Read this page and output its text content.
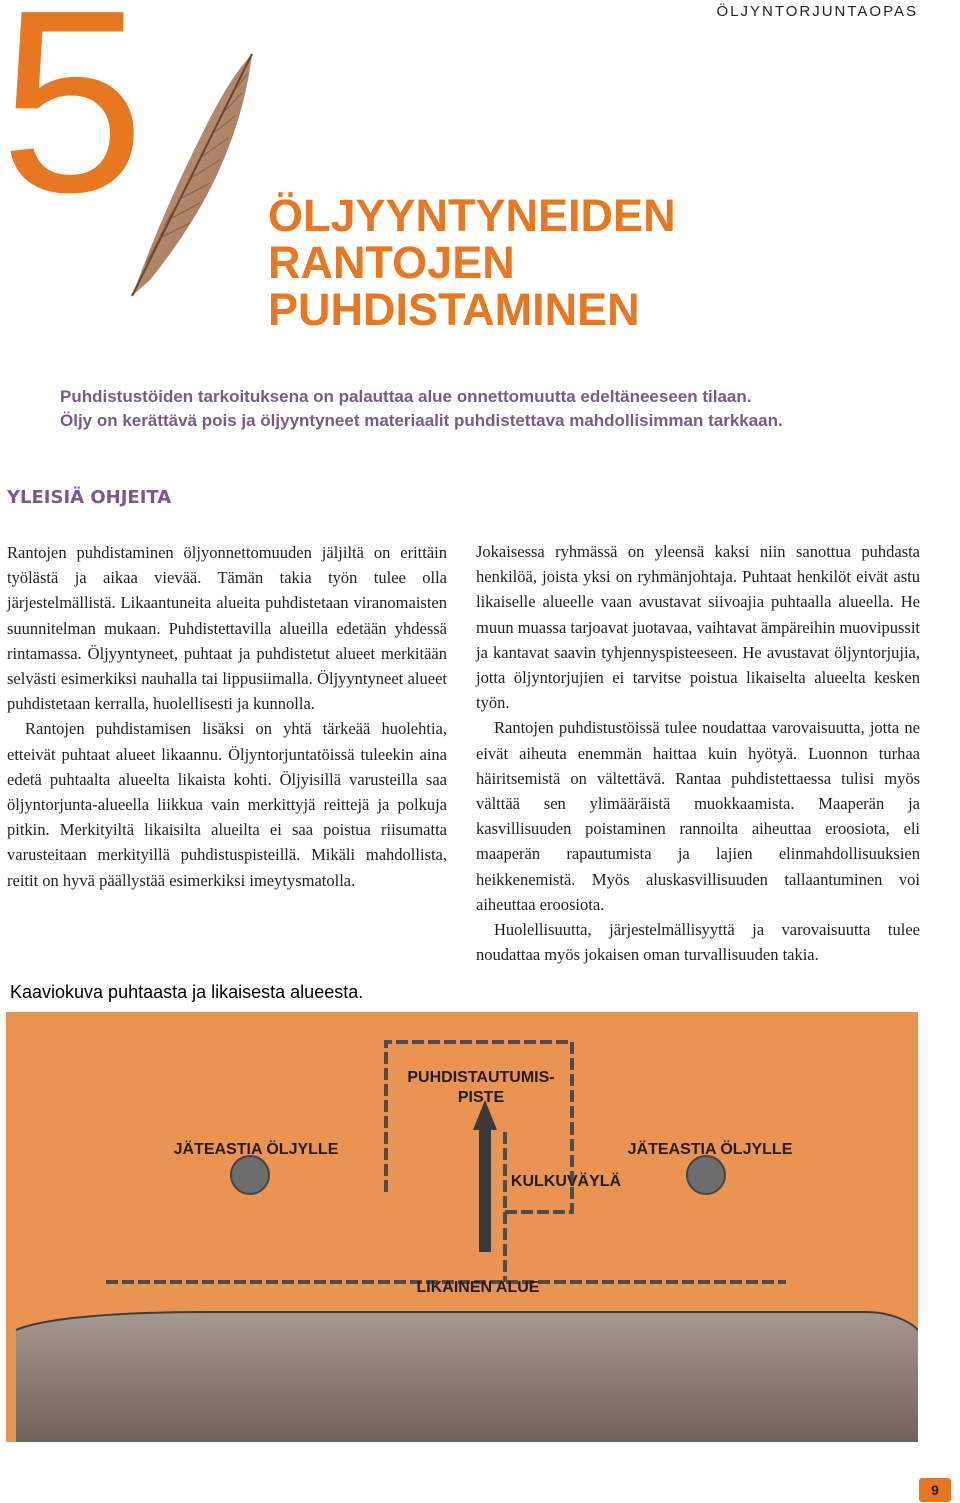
ÖLJYNTORJUNTAOPAS
5	ÖLJYYNTYNEIDEN
RANTOJEN
PUHDISTAMINEN
Puhdistustöiden tarkoituksena on palauttaa alue onnettomuutta edeltäneeseen tilaan.
Öljy on kerättävä pois ja öljyyntyneet materiaalit puhdistettava mahdollisimman tarkkaan.
YLEISIÄ OHJEITA

Rantojen puhdistaminen öljyonnettomuuden jäljiltä on erittäin työlästä ja aikaa vievää. Tämän takia työn tulee olla järjestelmällistä. Likaantuneita alueita puhdistetaan viranomaisten suunnitelman mukaan. Puhdistettavilla alueilla edetään yhdessä rintamassa. Öljyyntyneet, puhtaat ja puhdistetut alueet merkitään selvästi esimerkiksi nauhalla tai lippusiimalla. Öljyyntyneet alueet puhdistetaan kerralla, huolellisesti ja kunnolla.

Rantojen puhdistamisen lisäksi on yhtä tärkeää huolehtia, etteivät puhtaat alueet likaannu. Öljyntorjuntatöissä tuleekin aina edetä puhtaalta alueelta likaista kohti. Öljyisillä varusteilla saa öljyntorjunta-alueella liikkua vain merkittyjä reittejä ja polkuja pitkin. Merkityiltä likaisilta alueilta ei saa poistua riisumatta varusteitaan merkityillä puhdistuspisteillä. Mikäli mahdollista, reitit on hyvä päällystää esimerkiksi imeytysmatolla.

Jokaisessa ryhmässä on yleensä kaksi niin sanottua puhdasta henkilöä, joista yksi on ryhmänjohtaja. Puhtaat henkilöt eivät astu likaiselle alueelle vaan avustavat siivoajia puhtaalla alueella. He muun muassa tarjoavat juotavaa, vaihtavat ämpäreihin muovipussit ja kantavat saavin tyhjennyspisteeseen. He avustavat öljyntorjujia, jotta öljyntorjujien ei tarvitse poistua likaiselta alueelta kesken työn.

Rantojen puhdistustöissä tulee noudattaa varovaisuutta, jotta ne eivät aiheuta enemmän haittaa kuin hyötyä. Luonnon turhaa häiritsemistä on vältettävä. Rantaa puhdistettaessa tulisi myös välttää sen ylimääräistä muokkaamista. Maaperän ja kasvillisuuden poistaminen rannoilta aiheuttaa eroosiota, eli maaperän rapautumista ja lajien elinmahdollisuuksien heikkenemistä. Myös aluskasvillisuuden tallaantuminen voi aiheuttaa eroosiota.

Huolellisuutta, järjestelmällisyyttä ja varovaisuutta tulee noudattaa myös jokaisen oman turvallisuuden takia.

Kaaviokuva puhtaasta ja likaisesta alueesta.
PUHDISTAUTUMIS-
PISTE
JÄTEASTIA ÖLJYLLE	JÄTEASTIA ÖLJYLLE
KULKUVÄYLÄ
LIKAINEN ALUE
9
